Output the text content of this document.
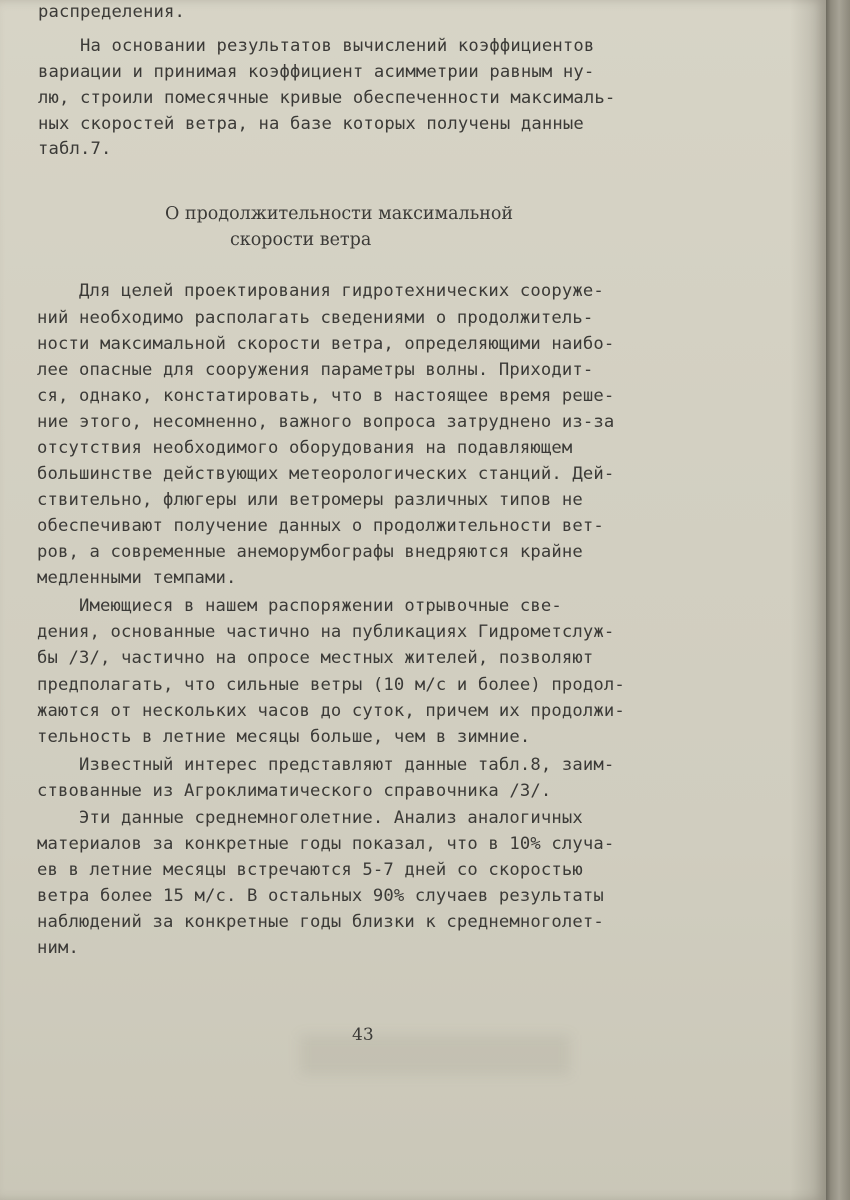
распределения.
На основании результатов вычислений коэффициентов
вариации и принимая коэффициент асимметрии равным ну-
лю, строили помесячные кривые обеспеченности максималь-
ных скоростей ветра, на базе которых получены данные
табл.7.
О продолжительности максимальной
скорости ветра
Для целей проектирования гидротехнических сооруже-
ний необходимо располагать сведениями о продолжитель-
ности максимальной скорости ветра, определяющими наибо-
лее опасные для сооружения параметры волны. Приходит-
ся, однако, констатировать, что в настоящее время реше-
ние этого, несомненно, важного вопроса затруднено из-за
отсутствия необходимого оборудования на подавляющем
большинстве действующих метеорологических станций. Дей-
ствительно, флюгеры или ветромеры различных типов не
обеспечивают получение данных о продолжительности вет-
ров, а современные анеморумбографы внедряются крайне
медленными темпами.
Имеющиеся в нашем распоряжении отрывочные све-
дения, основанные частично на публикациях Гидрометслуж-
бы /3/, частично на опросе местных жителей, позволяют
предполагать, что сильные ветры (10 м/с и более) продол-
жаются от нескольких часов до суток, причем их продолжи-
тельность в летние месяцы больше, чем в зимние.
Известный интерес представляют данные табл.8, заим-
ствованные из Агроклиматического справочника /3/.
Эти данные среднемноголетние. Анализ аналогичных
материалов за конкретные годы показал, что в 10% случа-
ев в летние месяцы встречаются 5-7 дней со скоростью
ветра более 15 м/с. В остальных 90% случаев результаты
наблюдений за конкретные годы близки к среднемноголет-
ним.
43
